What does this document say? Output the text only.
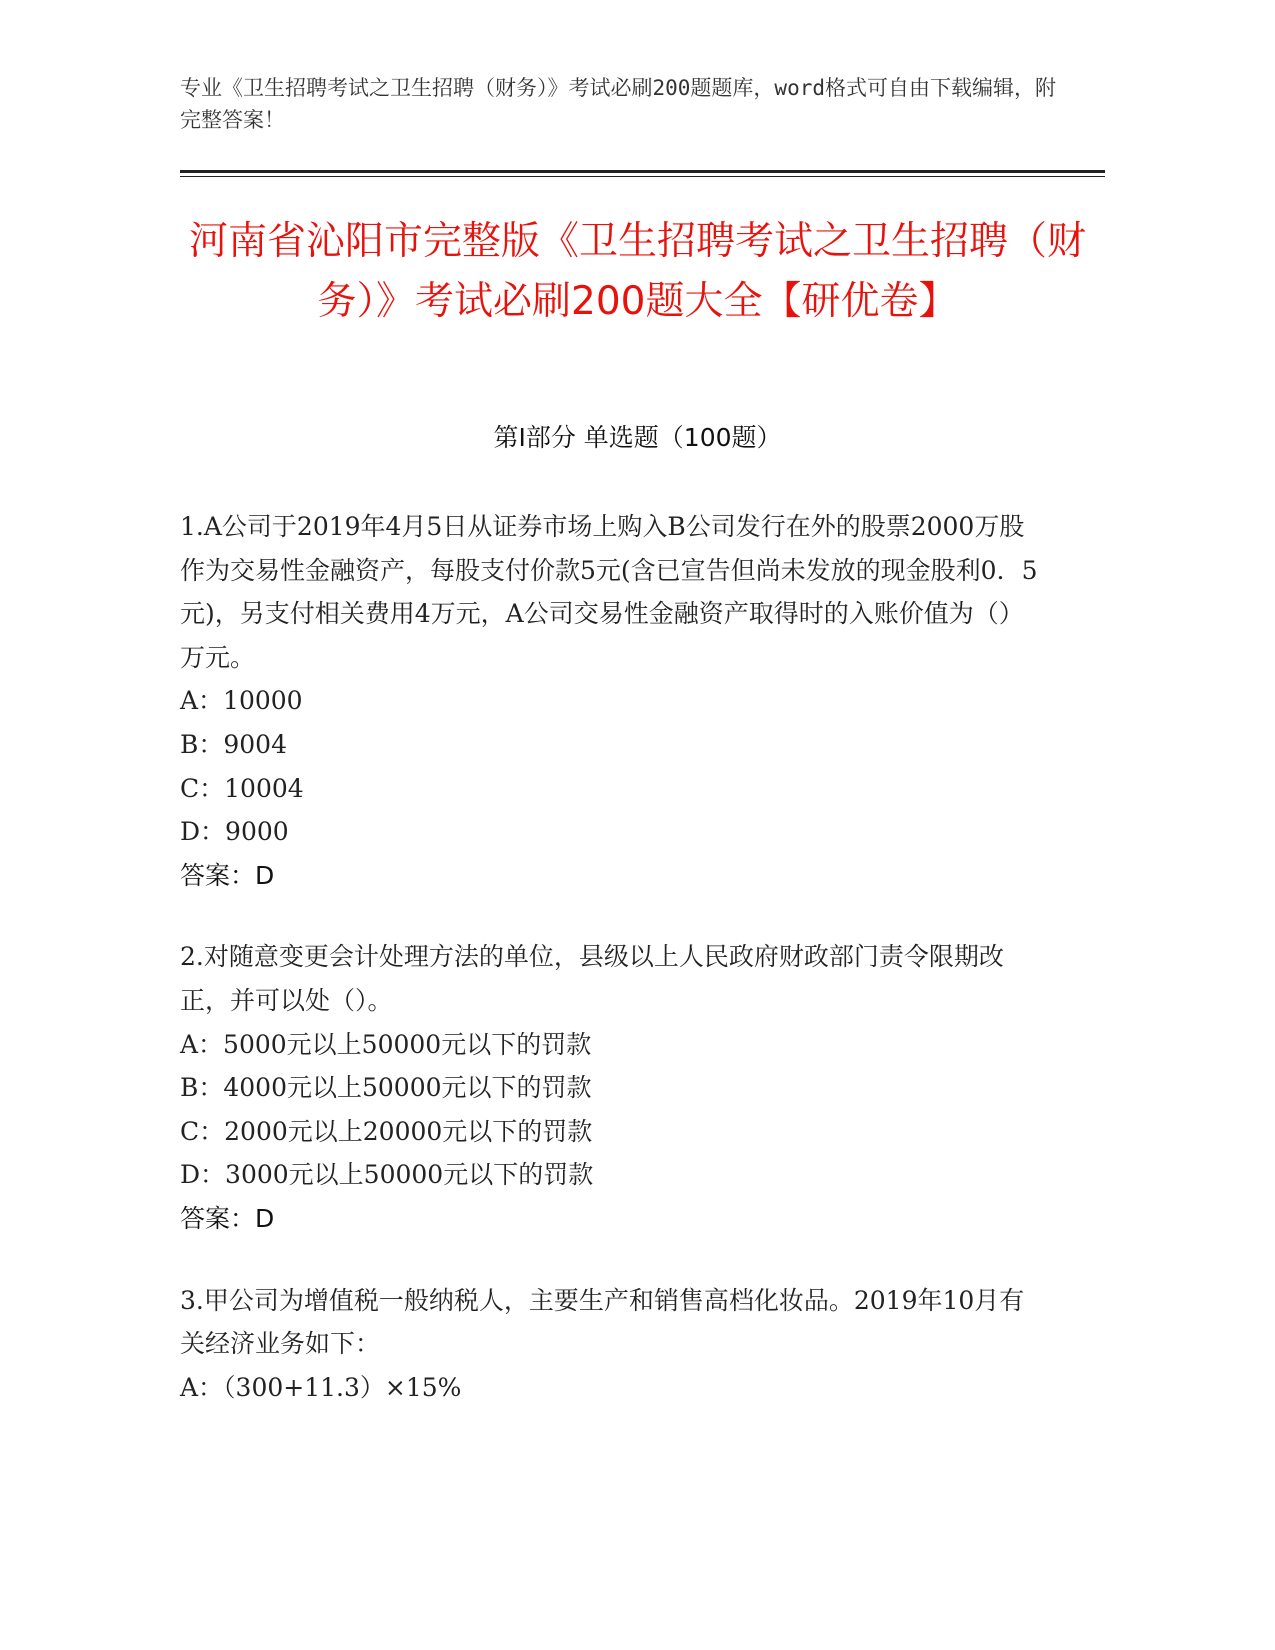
专业《卫生招聘考试之卫生招聘（财务）》考试必刷200题题库，word格式可自由下载编辑，附完整答案！
河南省沁阳市完整版《卫生招聘考试之卫生招聘（财务）》考试必刷200题大全【研优卷】
第Ⅰ部分 单选题（100题）
1.A公司于2019年4月5日从证券市场上购入B公司发行在外的股票2000万股作为交易性金融资产，每股支付价款5元(含已宣告但尚未发放的现金股利0．5元)，另支付相关费用4万元，A公司交易性金融资产取得时的入账价值为（）万元。
A：10000
B：9004
C：10004
D：9000
答案：D
2.对随意变更会计处理方法的单位，县级以上人民政府财政部门责令限期改正，并可以处（）。
A：5000元以上50000元以下的罚款
B：4000元以上50000元以下的罚款
C：2000元以上20000元以下的罚款
D：3000元以上50000元以下的罚款
答案：D
3.甲公司为增值税一般纳税人，主要生产和销售高档化妆品。2019年10月有关经济业务如下：
A：（300+11.3）×15%
